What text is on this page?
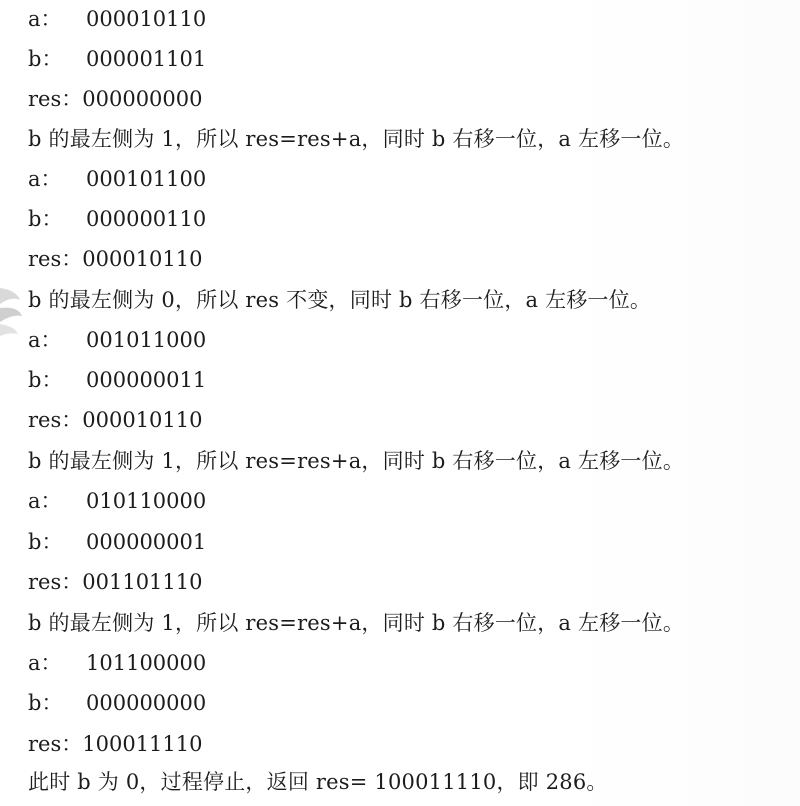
a： 000010110
b： 000001101
res：000000000
b 的最左侧为 1，所以 res=res+a，同时 b 右移一位，a 左移一位。
a： 000101100
b： 000000110
res：000010110
b 的最左侧为 0，所以 res 不变，同时 b 右移一位，a 左移一位。
a： 001011000
b： 000000011
res：000010110
b 的最左侧为 1，所以 res=res+a，同时 b 右移一位，a 左移一位。
a： 010110000
b： 000000001
res：001101110
b 的最左侧为 1，所以 res=res+a，同时 b 右移一位，a 左移一位。
a： 101100000
b： 000000000
res：100011110
此时 b 为 0，过程停止，返回 res= 100011110，即 286。
